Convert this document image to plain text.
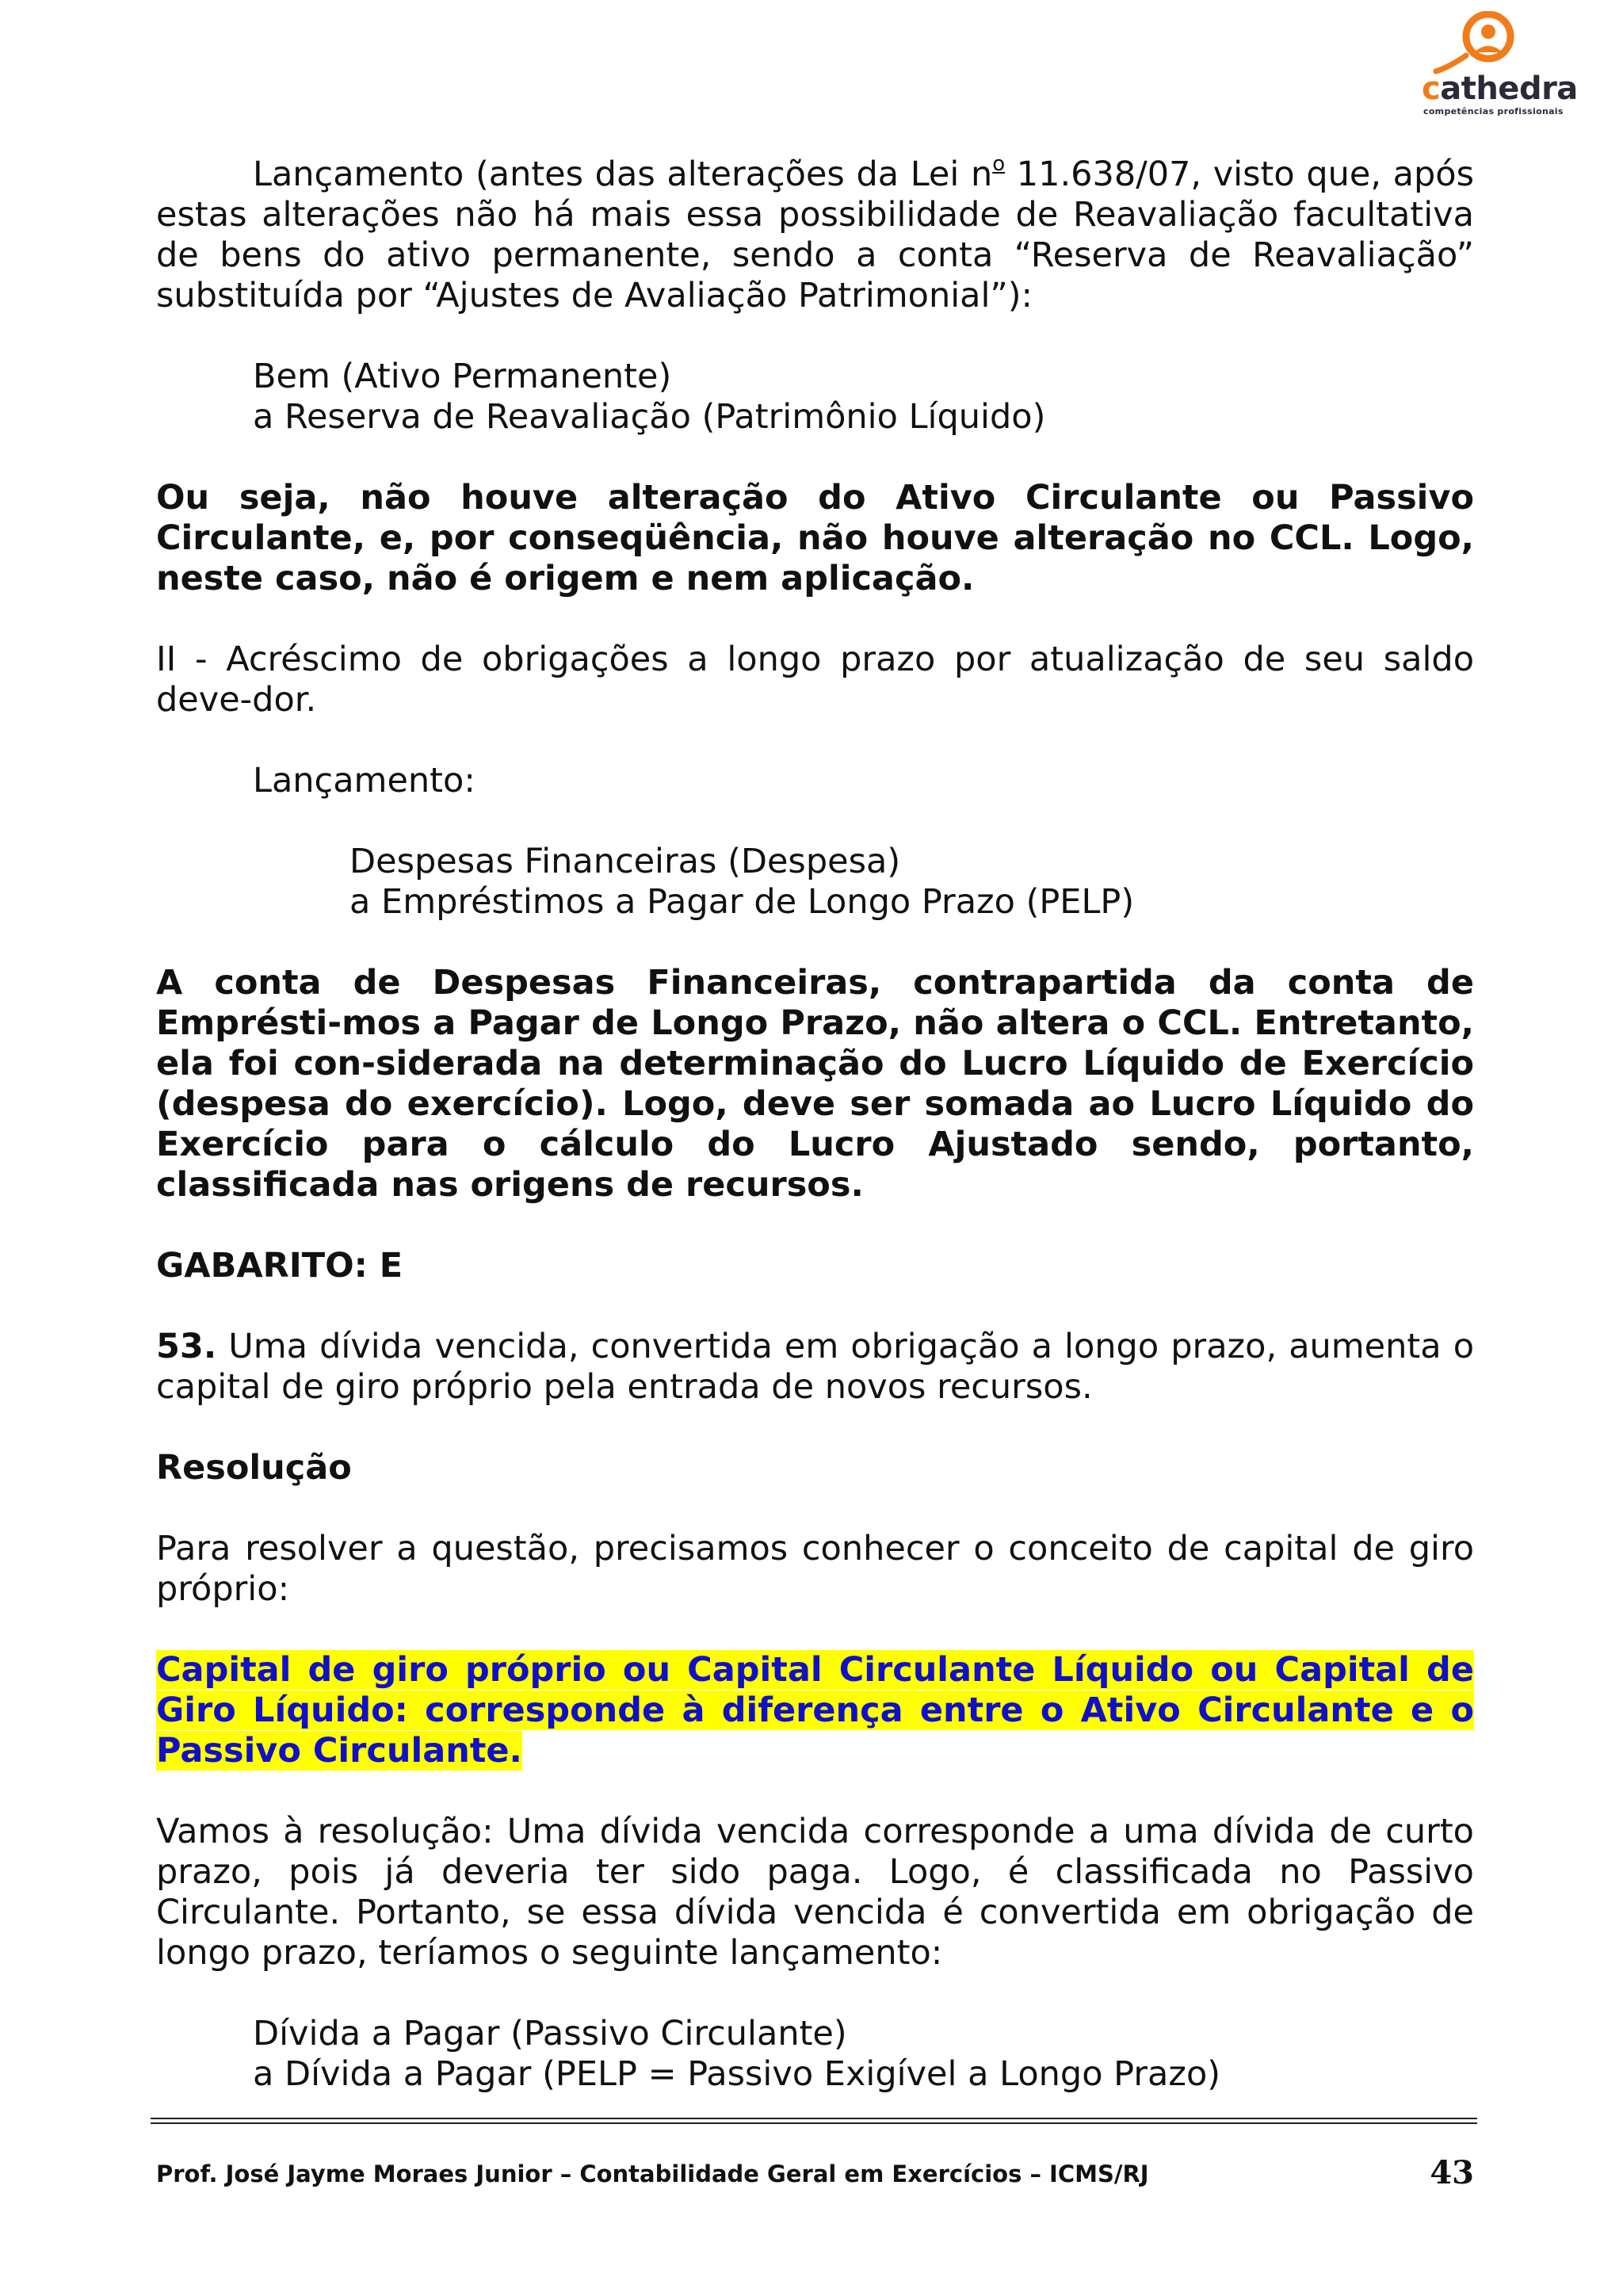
cathedra
competências profissionais

Lançamento (antes das alterações da Lei $n^o$ 11.638/07, visto que, após estas alterações não há mais essa possibilidade de Reavaliação facultativa de bens do ativo permanente, sendo a conta “Reserva de Reavaliação” substituída por “Ajustes de Avaliação Patrimonial”):

Bem (Ativo Permanente)

a Reserva de Reavaliação (Patrimônio Líquido)

Ou seja, não houve alteração do Ativo Circulante ou Passivo Circulante, e, por conseqüência, não houve alteração no CCL. Logo, neste caso, não é origem e nem aplicação.

II - Acréscimo de obrigações a longo prazo por atualização de seu saldo deve-dor.

Lançamento:

Despesas Financeiras (Despesa)

a Empréstimos a Pagar de Longo Prazo (PELP)

A conta de Despesas Financeiras, contrapartida da conta de Emprésti-mos a Pagar de Longo Prazo, não altera o CCL. Entretanto, ela foi con-siderada na determinação do Lucro Líquido de Exercício (despesa do exercício). Logo, deve ser somada ao Lucro Líquido do Exercício para o cálculo do Lucro Ajustado sendo, portanto, classificada nas origens de recursos.

GABARITO: E

53. Uma dívida vencida, convertida em obrigação a longo prazo, aumenta o capital de giro próprio pela entrada de novos recursos.

Resolução

Para resolver a questão, precisamos conhecer o conceito de capital de giro próprio:

Capital de giro próprio ou Capital Circulante Líquido ou Capital de Giro Líquido: corresponde à diferença entre o Ativo Circulante e o Passivo Circulante.

Vamos à resolução: Uma dívida vencida corresponde a uma dívida de curto prazo, pois já deveria ter sido paga. Logo, é classificada no Passivo Circulante. Portanto, se essa dívida vencida é convertida em obrigação de longo prazo, teríamos o seguinte lançamento:

Dívida a Pagar (Passivo Circulante)

a Dívida a Pagar (PELP = Passivo Exigível a Longo Prazo)

Prof. José Jayme Moraes Junior – Contabilidade Geral em Exercícios – ICMS/RJ	43
